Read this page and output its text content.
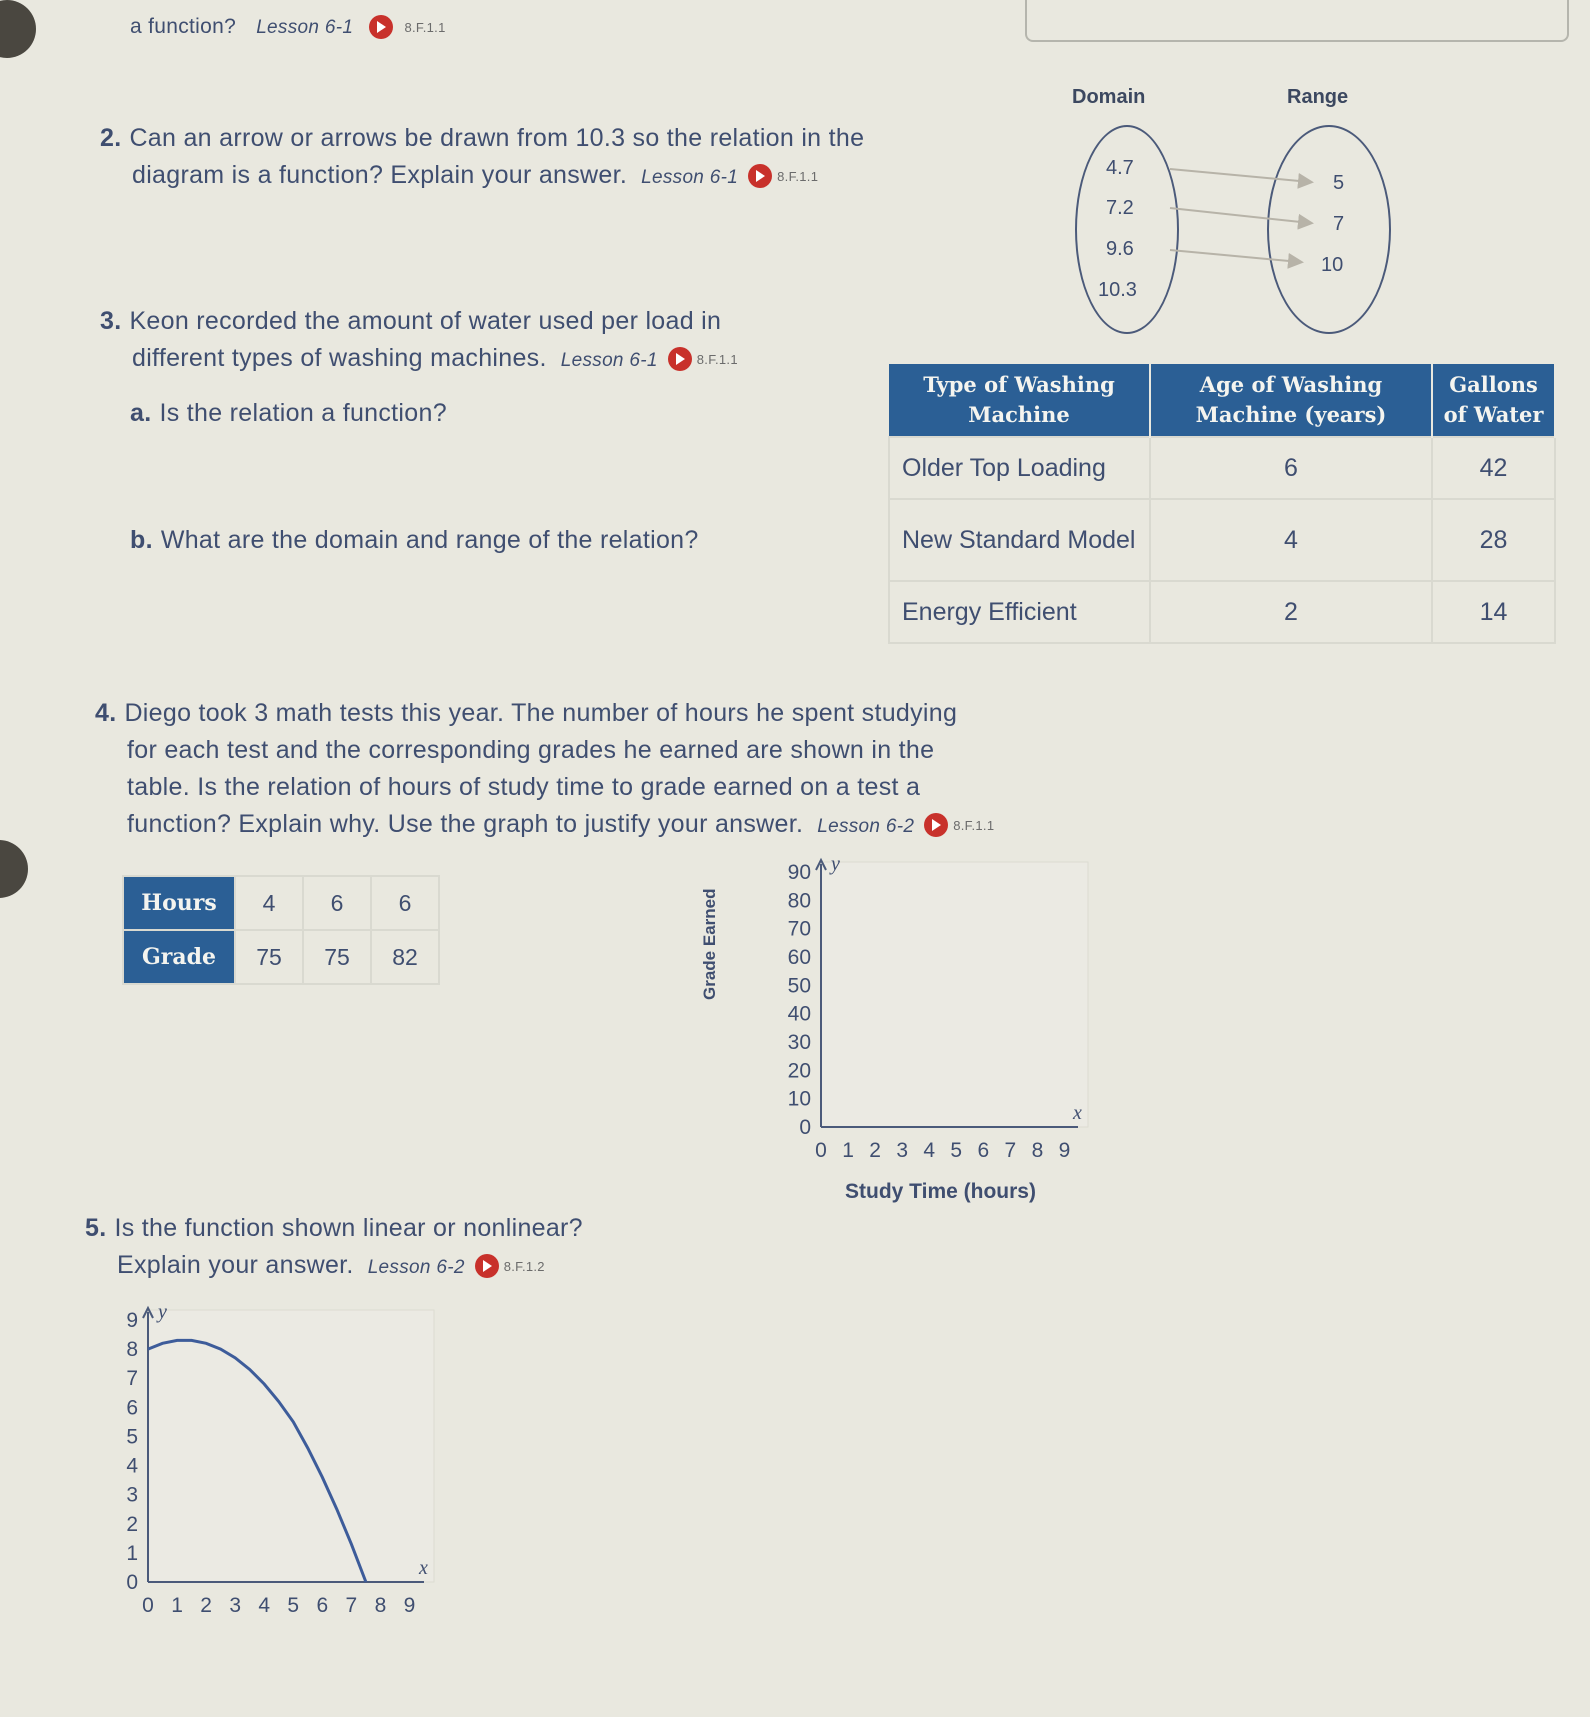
a function? Lesson 6-1	8.F.1.1
2. Can an arrow or arrows be drawn from 10.3 so the relation in the
diagram is a function? Explain your answer. Lesson 6-1	8.F.1.1
Domain	Range
4.7
7.2
9.6
10.3
5
7
10
3. Keon recorded the amount of water used per load in
different types of washing machines. Lesson 6-1	8.F.1.1
a. Is the relation a function?
b. What are the domain and range of the relation?
Type of Washing Machine	Age of Washing Machine (years)	Gallons of Water
Older Top Loading	6	42
New Standard Model	4	28
Energy Efficient	2	14
4. Diego took 3 math tests this year. The number of hours he spent studying
for each test and the corresponding grades he earned are shown in the
table. Is the relation of hours of study time to grade earned on a test a
function? Explain why. Use the graph to justify your answer. Lesson 6-2	8.F.1.1
Hours	4	6	6
Grade	75	75	82
0 1 2 3 4 5 6 7 8 9
0
10
20
30
40
50
60
70
80
90
x
y
Study Time (hours)
Grade Earned
5. Is the function shown linear or nonlinear?
Explain your answer. Lesson 6-2	8.F.1.2
0 1 2 3 4 5 6 7 8 9
0
1
2
3
4
5
6
7
8
9
x
y
